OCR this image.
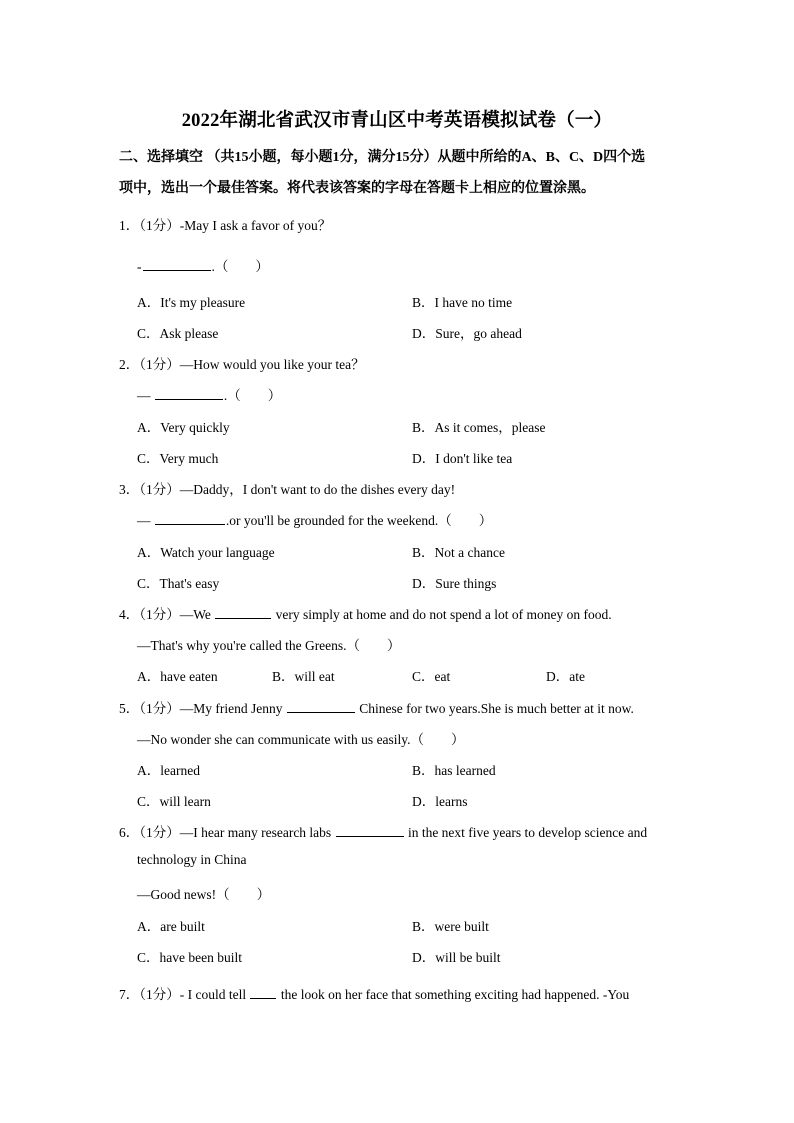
2022年湖北省武汉市青山区中考英语模拟试卷（一）
二、选择填空 （共15小题，每小题1分，满分15分）从题中所给的A、B、C、D四个选
项中，选出一个最佳答案。将代表该答案的字母在答题卡上相应的位置涂黑。
1．（1分）-May I ask a favor of you？
-	.（　　）
A．It's my pleasure	B．I have no time
C．Ask please	D．Sure，go ahead
2．（1分）—How would you like your tea？
—	.（　　）
A．Very quickly	B．As it comes，please
C．Very much	D．I don't like tea
3．（1分）—Daddy，I don't want to do the dishes every day!
—	.or you'll be grounded for the weekend.（　　）
A．Watch your language	B．Not a chance
C．That's easy	D．Sure things
4．（1分）—We	very simply at home and do not spend a lot of money on food.
—That's why you're called the Greens.（　　）
A．have eaten	B．will eat	C．eat	D．ate
5．（1分）—My friend Jenny	Chinese for two years.She is much better at it now.
—No wonder she can communicate with us easily.（　　）
A．learned	B．has learned
C．will learn	D．learns
6．（1分）—I hear many research labs	in the next five years to develop science and
technology in China
—Good news!（　　）
A．are built	B．were built
C．have been built	D．will be built
7．（1分）- I could tell  the look on her face that something exciting had happened. -You
